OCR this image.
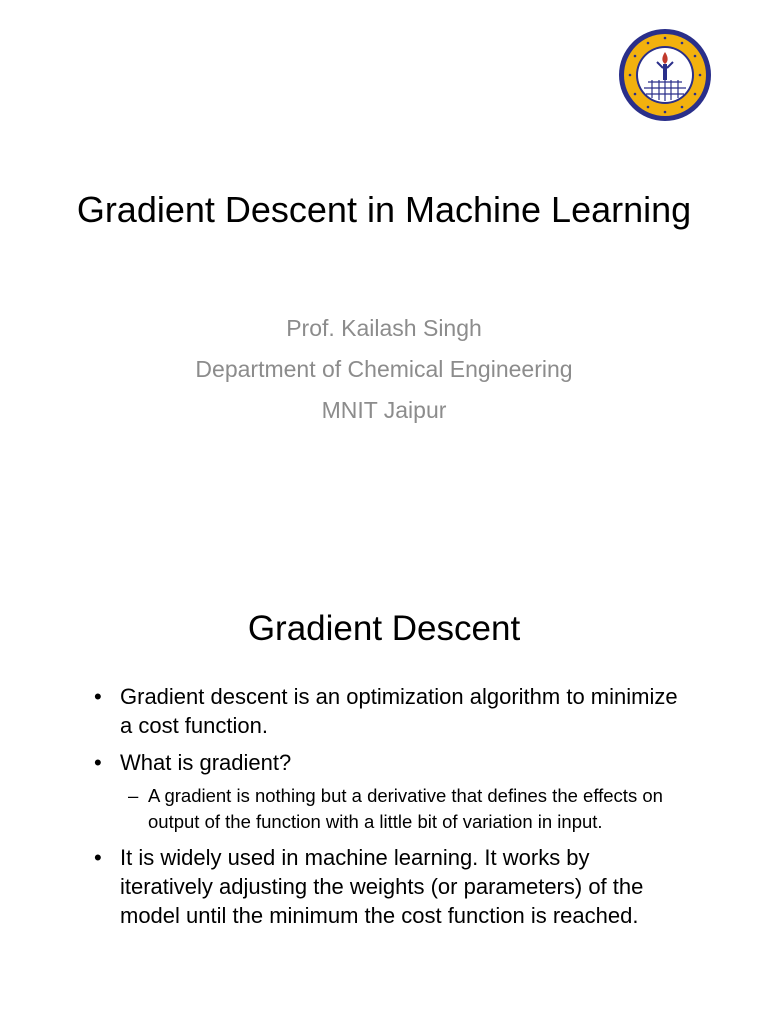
Gradient Descent in Machine Learning
Prof. Kailash Singh
Department of Chemical Engineering
MNIT Jaipur
Gradient Descent
• Gradient descent is an optimization algorithm to minimize a cost function.
• What is gradient?
– A gradient is nothing but a derivative that defines the effects on output of the function with a little bit of variation in input.
• It is widely used in machine learning. It works by iteratively adjusting the weights (or parameters) of the model until the minimum the cost function is reached.
